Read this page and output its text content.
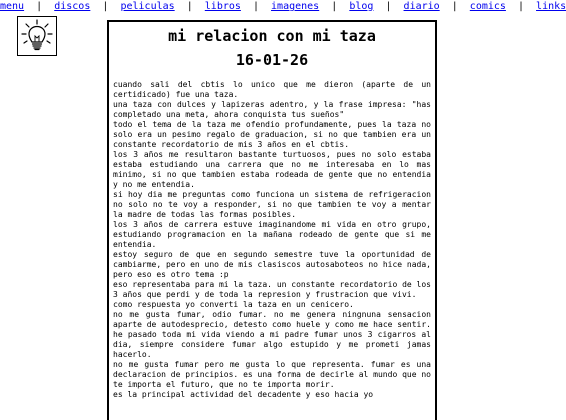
menu  |  discos  |  peliculas  |  libros  |  imagenes  |  blog  |  diario  |  comics  |  links
mi relacion con mi taza
16-01-26

cuando sali del cbtis lo unico que me dieron (aparte de un certidicado) fue una taza.

una taza con dulces y lapizeras adentro, y la frase impresa: "has completado una meta, ahora conquista tus sueños"

todo el tema de la taza me ofendio profundamente, pues la taza no solo era un pesimo regalo de graduacion, si no que tambien era un constante recordatorio de mis 3 años en el cbtis.

los 3 años me resultaron bastante turtuosos, pues no solo estaba estaba estudiando una carrera que no me interesaba en lo mas minimo, si no que tambien estaba rodeada de gente que no entendia y no me entendia.

si hoy dia me preguntas como funciona un sistema de refrigeracion no solo no te voy a responder, si no que tambien te voy a mentar la madre de todas las formas posibles.

los 3 años de carrera estuve imaginandome mi vida en otro grupo, estudiando programacion en la mañana rodeado de gente que si me entendia.

estoy seguro de que en segundo semestre tuve la oportunidad de cambiarme, pero en uno de mis clasiscos autosaboteos no hice nada, pero eso es otro tema :p

eso representaba para mi la taza. un constante recordatorio de los 3 años que perdi y de toda la represion y frustracion que vivi.

como respuesta yo converti la taza en un cenicero.

no me gusta fumar, odio fumar. no me genera ningnuna sensacion aparte de autodesprecio, detesto como huele y como me hace sentir. he pasado toda mi vida viendo a mi padre fumar unos 3 cigarros al dia, siempre considere fumar algo estupido y me prometi jamas hacerlo.

no me gusta fumar pero me gusta lo que representa. fumar es una declaracion de principios. es una forma de decirle al mundo que no te importa el futuro, que no te importa morir.

es la principal actividad del decadente y eso hacia yo
